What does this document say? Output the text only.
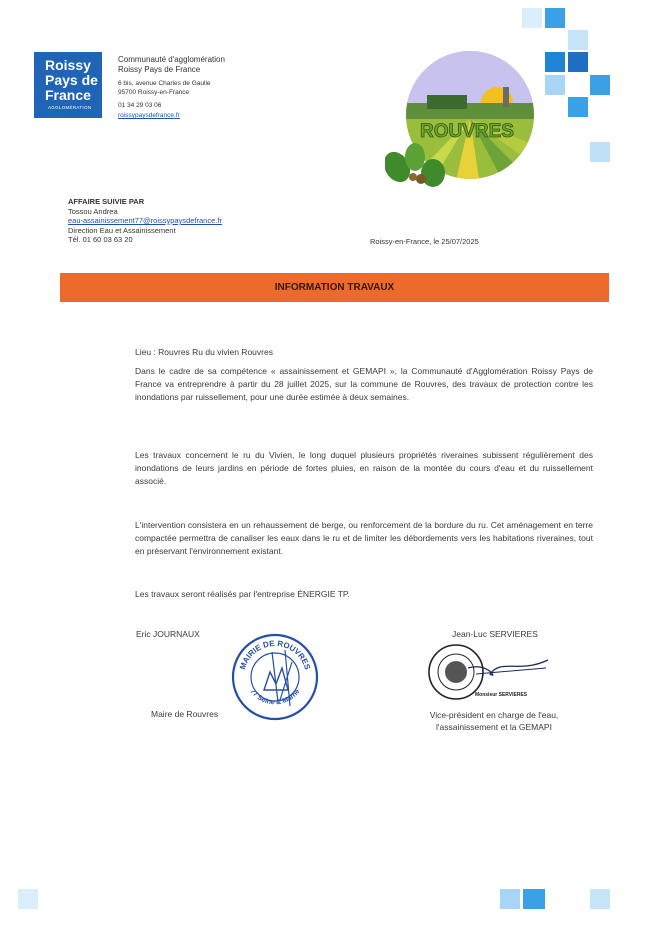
Roissy
Pays de
France
AGGLOMÉRATION
Communauté d'agglomération
Roissy Pays de France
6 bis, avenue Charles de Gaulle
95700 Roissy-en-France
01 34 29 03 06
roissypaysdefrance.fr
ROUVRES
AFFAIRE SUIVIE PAR
Tossou Andrea
eau-assainissement77@roissypaysdefrance.fr
Direction Eau et Assainissement
Tél. 01 60 03 63 20	Roissy-en-France, le 25/07/2025
INFORMATION TRAVAUX
Lieu : Rouvres Ru du vivien Rouvres
Dans le cadre de sa compétence « assainissement et GEMAPI », la Communauté d'Agglomération Roissy Pays de France va entreprendre à partir du 28 juillet 2025, sur la commune de Rouvres, des travaux de protection contre les inondations par ruissellement, pour une durée estimée à deux semaines.
Les travaux concernent le ru du Vivien, le long duquel plusieurs propriétés riveraines subissent régulièrement des inondations de leurs jardins en période de fortes pluies, en raison de la montée du cours d'eau et du ruissellement associé.
L'intervention consistera en un rehaussement de berge, ou renforcement de la bordure du ru. Cet aménagement en terre compactée permettra de canaliser les eaux dans le ru et de limiter les débordements vers les habitations riveraines, tout en préservant l'environnement existant.
Les travaux seront réalisés par l'entreprise ÉNERGIE TP.
Eric JOURNAUX
MAIRIE DE ROUVRES
77 Seine & Marne
Maire de Rouvres
Jean-Luc SERVIERES
Monsieur SERVIERES
Vice-président en charge de l'eau, l'assainissement et la GEMAPI
